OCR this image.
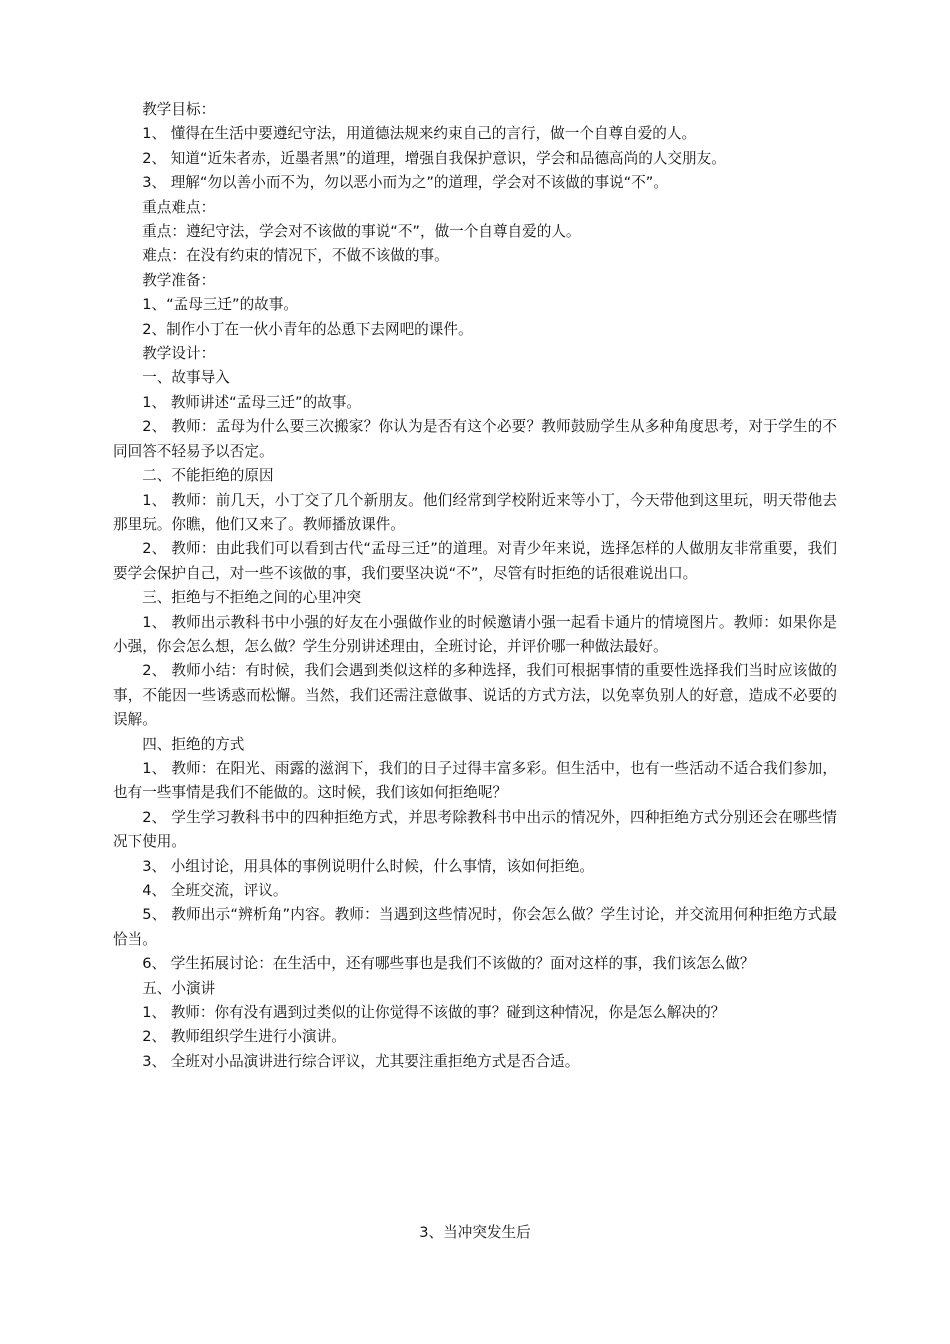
教学目标：

1、 懂得在生活中要遵纪守法，用道德法规来约束自己的言行，做一个自尊自爱的人。

2、 知道“近朱者赤，近墨者黑”的道理，增强自我保护意识，学会和品德高尚的人交朋友。

3、 理解“勿以善小而不为，勿以恶小而为之”的道理，学会对不该做的事说“不”。

重点难点：

重点：遵纪守法，学会对不该做的事说“不”，做一个自尊自爱的人。

难点：在没有约束的情况下，不做不该做的事。

教学准备：

1、“孟母三迁”的故事。

2、制作小丁在一伙小青年的怂恿下去网吧的课件。

教学设计：

一、故事导入

1、 教师讲述“孟母三迁”的故事。

2、 教师：孟母为什么要三次搬家？你认为是否有这个必要？教师鼓励学生从多种角度思考，对于学生的不同回答不轻易予以否定。

二、不能拒绝的原因

1、 教师：前几天，小丁交了几个新朋友。他们经常到学校附近来等小丁，今天带他到这里玩，明天带他去那里玩。你瞧，他们又来了。教师播放课件。

2、 教师：由此我们可以看到古代“孟母三迁”的道理。对青少年来说，选择怎样的人做朋友非常重要，我们要学会保护自己，对一些不该做的事，我们要坚决说“不”，尽管有时拒绝的话很难说出口。

三、拒绝与不拒绝之间的心里冲突

1、 教师出示教科书中小强的好友在小强做作业的时候邀请小强一起看卡通片的情境图片。教师：如果你是小强，你会怎么想，怎么做？学生分别讲述理由，全班讨论，并评价哪一种做法最好。

2、 教师小结：有时候，我们会遇到类似这样的多种选择，我们可根据事情的重要性选择我们当时应该做的事，不能因一些诱惑而松懈。当然，我们还需注意做事、说话的方式方法，以免辜负别人的好意，造成不必要的误解。

四、拒绝的方式

1、 教师：在阳光、雨露的滋润下，我们的日子过得丰富多彩。但生活中，也有一些活动不适合我们参加，也有一些事情是我们不能做的。这时候，我们该如何拒绝呢？

2、 学生学习教科书中的四种拒绝方式，并思考除教科书中出示的情况外，四种拒绝方式分别还会在哪些情况下使用。

3、 小组讨论，用具体的事例说明什么时候，什么事情，该如何拒绝。

4、 全班交流，评议。

5、 教师出示“辨析角”内容。教师：当遇到这些情况时，你会怎么做？学生讨论，并交流用何种拒绝方式最恰当。

6、 学生拓展讨论：在生活中，还有哪些事也是我们不该做的？面对这样的事，我们该怎么做？

五、小演讲

1、 教师：你有没有遇到过类似的让你觉得不该做的事？碰到这种情况，你是怎么解决的？

2、 教师组织学生进行小演讲。

3、 全班对小品演讲进行综合评议，尤其要注重拒绝方式是否合适。

3、当冲突发生后
